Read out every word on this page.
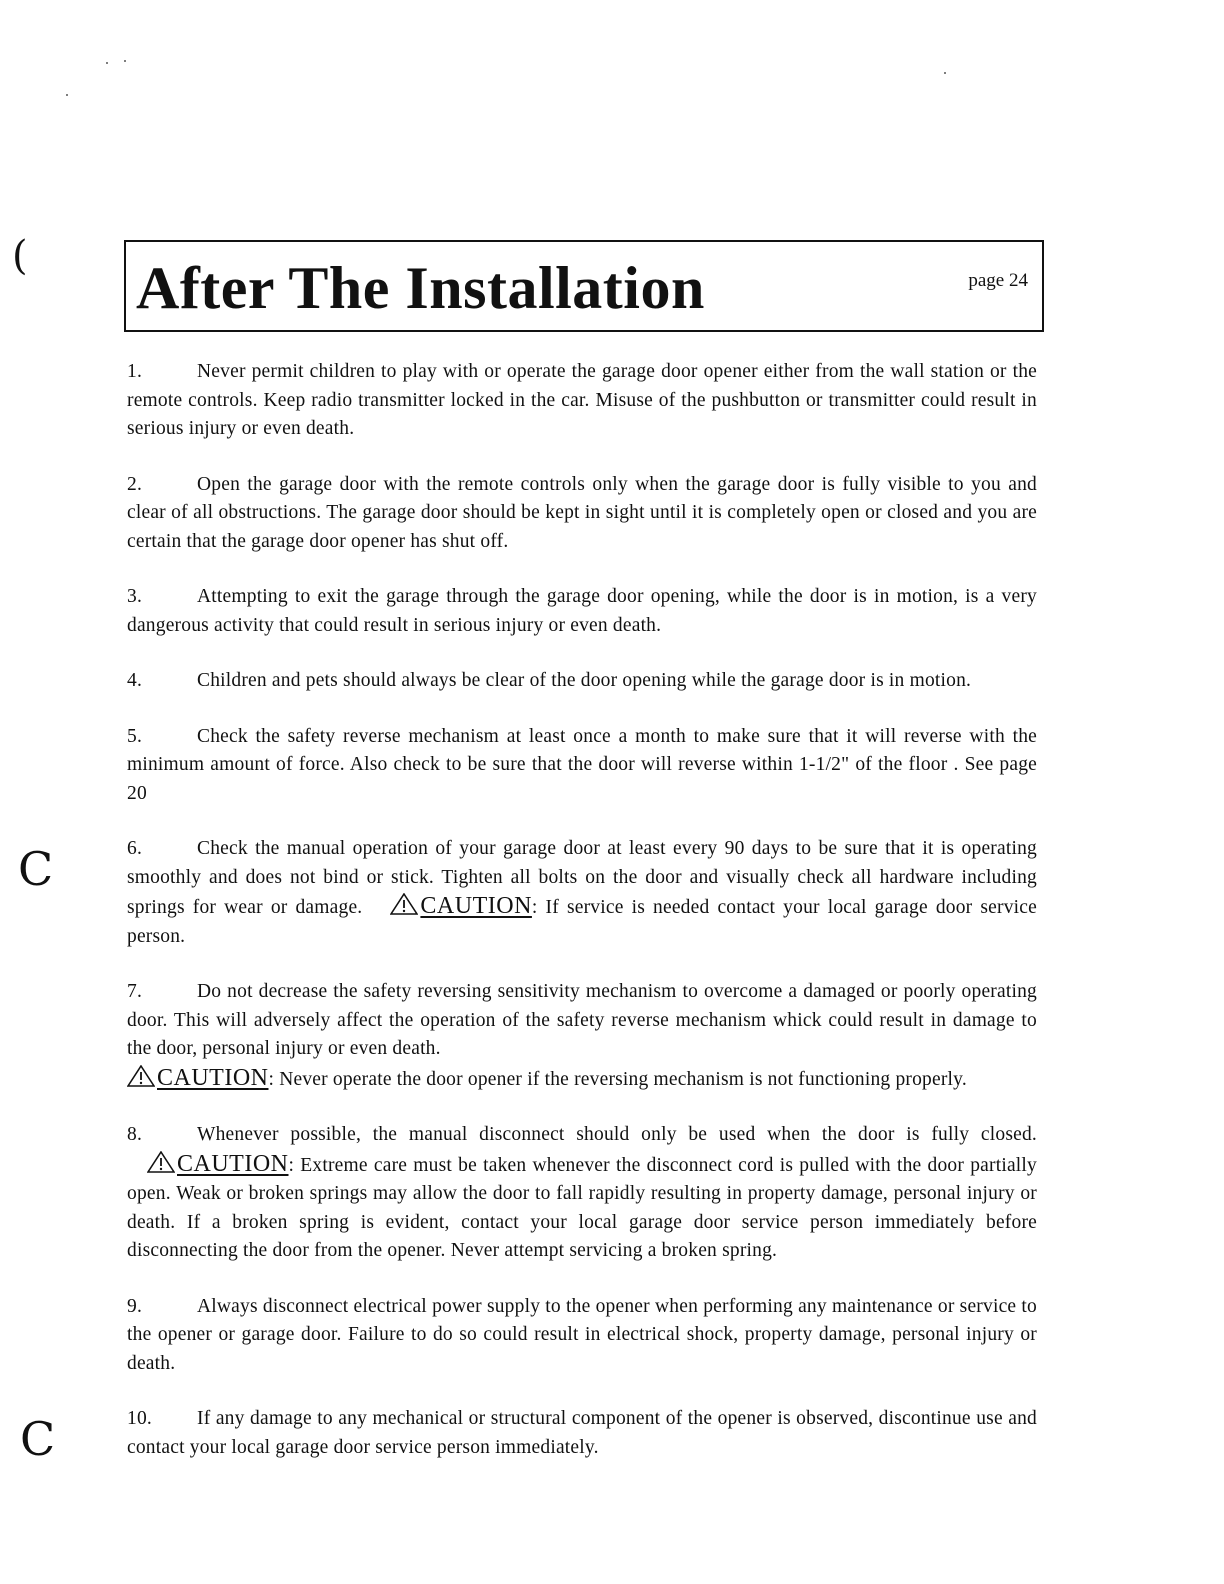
(
C
C
After The Installation	page 24

1.	Never permit children to play with or operate the garage door opener either from the wall station or the remote controls. Keep radio transmitter locked in the car. Misuse of the pushbutton or transmitter could result in serious injury or even death.

2.	Open the garage door with the remote controls only when the garage door is fully visible to you and clear of all obstructions. The garage door should be kept in sight until it is completely open or closed and you are certain that the garage door opener has shut off.

3.	Attempting to exit the garage through the garage door opening, while the door is in motion, is a very dangerous activity that could result in serious injury or even death.

4.	Children and pets should always be clear of the door opening while the garage door is in motion.

5.	Check the safety reverse mechanism at least once a month to make sure that it will reverse with the minimum amount of force. Also check to be sure that the door will reverse within 1-1/2" of the floor . See page 20

6.	Check the manual operation of your garage door at least every 90 days to be sure that it is operating smoothly and does not bind or stick. Tighten all bolts on the door and visually check all hardware including springs for wear or damage. CAUTION: If service is needed contact your local garage door service person.

7.	Do not decrease the safety reversing sensitivity mechanism to overcome a damaged or poorly operating door. This will adversely affect the operation of the safety reverse mechanism whick could result in damage to the door, personal injury or even death.
CAUTION: Never operate the door opener if the reversing mechanism is not functioning properly.

8.	Whenever possible, the manual disconnect should only be used when the door is fully closed. CAUTION: Extreme care must be taken whenever the disconnect cord is pulled with the door partially open. Weak or broken springs may allow the door to fall rapidly resulting in property damage, personal injury or death. If a broken spring is evident, contact your local garage door service person immediately before disconnecting the door from the opener. Never attempt servicing a broken spring.

9.	Always disconnect electrical power supply to the opener when performing any maintenance or service to the opener or garage door. Failure to do so could result in electrical shock, property damage, personal injury or death.

10. If any damage to any mechanical or structural component of the opener is observed, discontinue use and contact your local garage door service person immediately.
